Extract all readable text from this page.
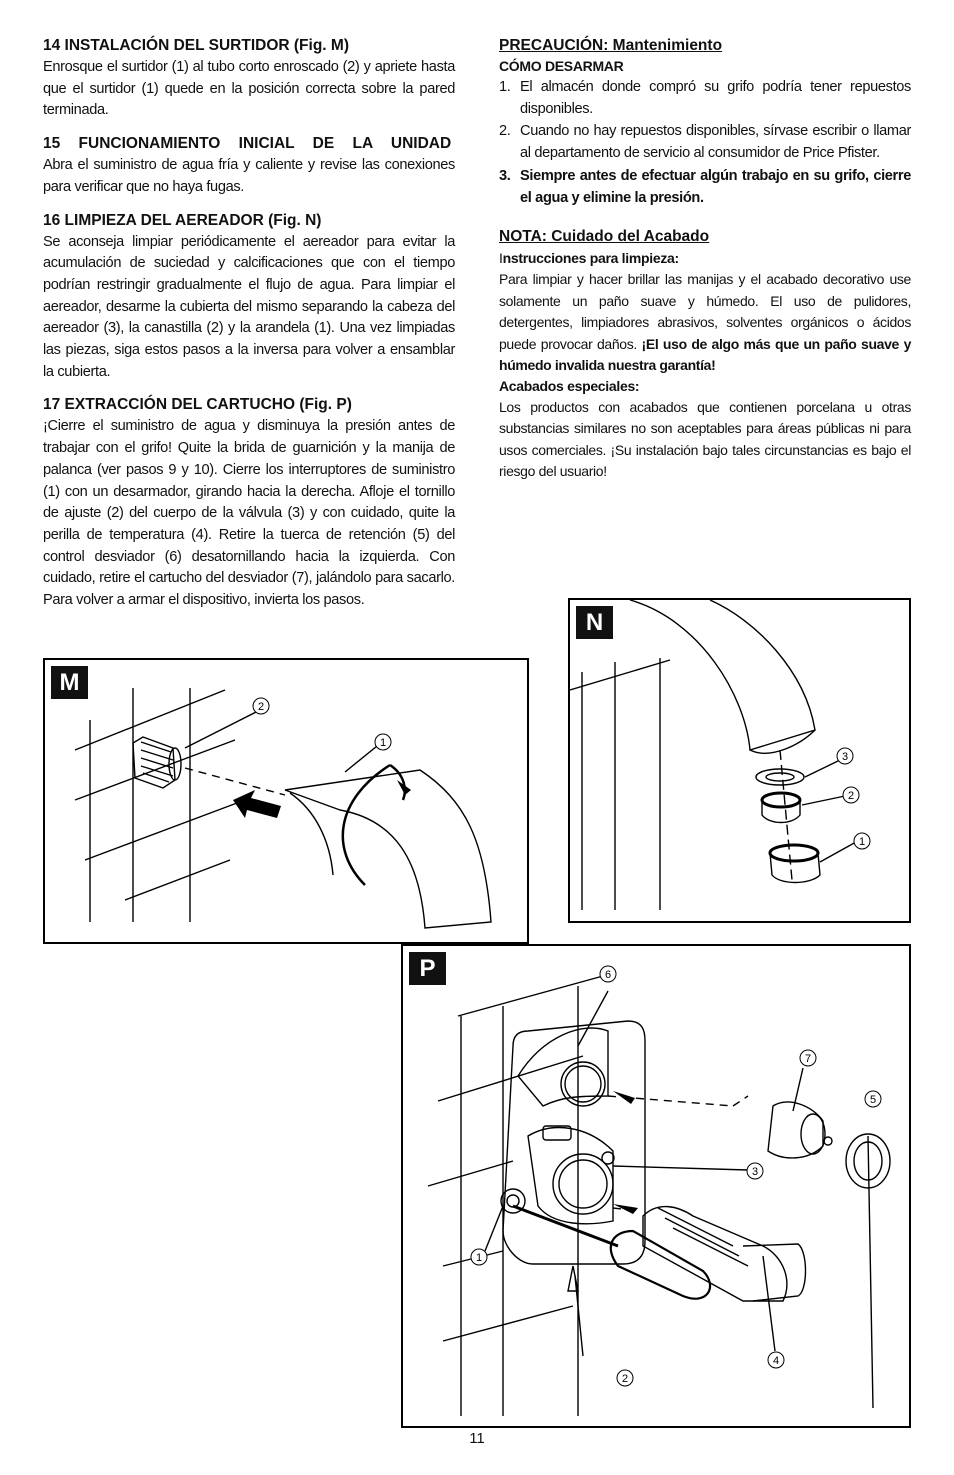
14 INSTALACIÓN DEL SURTIDOR (Fig. M)

Enrosque el surtidor (1) al tubo corto enroscado (2) y apriete hasta que el surtidor (1) quede en la posición correcta sobre la pared terminada.

15 FUNCIONAMIENTO INICIAL DE LA UNIDAD

Abra el suministro de agua fría y caliente y revise las conexiones para verificar que no haya fugas.

16 LIMPIEZA DEL AEREADOR (Fig. N)

Se aconseja limpiar periódicamente el aereador para evitar la acumulación de suciedad y calcificaciones que con el tiempo podrían restringir gradualmente el flujo de agua. Para limpiar el aereador, desarme la cubierta del mismo separando la cabeza del aereador (3), la canastilla (2) y la arandela (1). Una vez limpiadas las piezas, siga estos pasos a la inversa para volver a ensamblar la cubierta.

17 EXTRACCIÓN DEL CARTUCHO (Fig. P)

¡Cierre el suministro de agua y disminuya la presión antes de trabajar con el grifo! Quite la brida de guarnición y la manija de palanca (ver pasos 9 y 10). Cierre los interruptores de suministro (1) con un desarmador, girando hacia la derecha. Afloje el tornillo de ajuste (2) del cuerpo de la válvula (3) y con cuidado, quite la perilla de temperatura (4). Retire la tuerca de retención (5) del control desviador (6) desatornillando hacia la izquierda. Con cuidado, retire el cartucho del desviador (7), jalándolo para sacarlo. Para volver a armar el dispositivo, invierta los pasos.

PRECAUCIÓN: Mantenimiento
CÓMO DESARMAR
1. El almacén donde compró su grifo podría tener repuestos disponibles.
2. Cuando no hay repuestos disponibles, sírvase escribir o llamar al departamento de servicio al consumidor de Price Pfister.
3. Siempre antes de efectuar algún trabajo en su grifo, cierre el agua y elimine la presión.
NOTA: Cuidado del Acabado
Instrucciones para limpieza:

Para limpiar y hacer brillar las manijas y el acabado decorativo use solamente un paño suave y húmedo. El uso de pulidores, detergentes, limpiadores abrasivos, solventes orgánicos o ácidos puede provocar daños. ¡El uso de algo más que un paño suave y húmedo invalida nuestra garantía!

Acabados especiales:

Los productos con acabados que contienen porcelana u otras substancias similares no son aceptables para áreas públicas ni para usos comerciales. ¡Su instalación bajo tales circunstancias es bajo el riesgo del usuario!

M
2
1
N
3
2
1
P	6
7
5
3
1
4
2
11
